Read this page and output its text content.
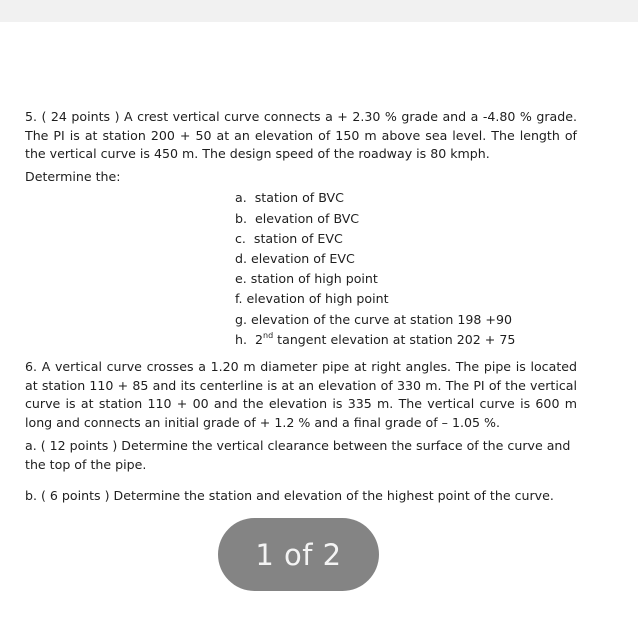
5. ( 24 points ) A crest vertical curve connects a + 2.30 % grade and a -4.80 % grade. The PI is at station 200 + 50 at an elevation of 150 m above sea level. The length of the vertical curve is 450 m. The design speed of the roadway is 80 kmph.

Determine the:

a.  station of BVC
b.  elevation of BVC
c.  station of EVC
d. elevation of EVC
e. station of high point
f. elevation of high point
g. elevation of the curve at station 198 +90
h.  2nd tangent elevation at station 202 + 75

6. A vertical curve crosses a 1.20 m diameter pipe at right angles. The pipe is located at station 110 + 85 and its centerline is at an elevation of 330 m. The PI of the vertical curve is at station 110 + 00 and the elevation is 335 m. The vertical curve is 600 m long and connects an initial grade of + 1.2 % and a final grade of – 1.05 %.

a. ( 12 points ) Determine the vertical clearance between the surface of the curve and the top of the pipe.

b. ( 6 points ) Determine the station and elevation of the highest point of the curve.

1 of 2
